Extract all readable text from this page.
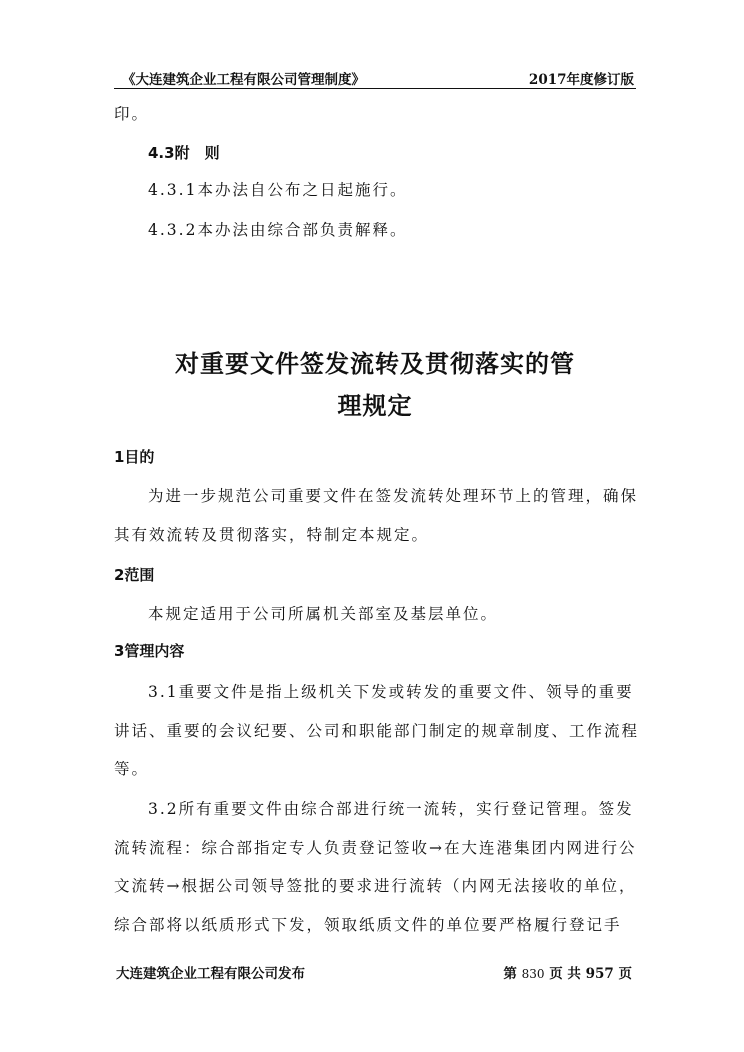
《大连建筑企业工程有限公司管理制度》	2017年度修订版
印。
4.3附　则
4.3.1本办法自公布之日起施行。
4.3.2本办法由综合部负责解释。
对重要文件签发流转及贯彻落实的管
理规定
1目的
为进一步规范公司重要文件在签发流转处理环节上的管理，确保
其有效流转及贯彻落实，特制定本规定。
2范围
本规定适用于公司所属机关部室及基层单位。
3管理内容
3.1重要文件是指上级机关下发或转发的重要文件、领导的重要
讲话、重要的会议纪要、公司和职能部门制定的规章制度、工作流程
等。
3.2所有重要文件由综合部进行统一流转，实行登记管理。签发
流转流程：综合部指定专人负责登记签收→在大连港集团内网进行公
文流转→根据公司领导签批的要求进行流转（内网无法接收的单位，
综合部将以纸质形式下发，领取纸质文件的单位要严格履行登记手
大连建筑企业工程有限公司发布	第 830 页 共 957 页
